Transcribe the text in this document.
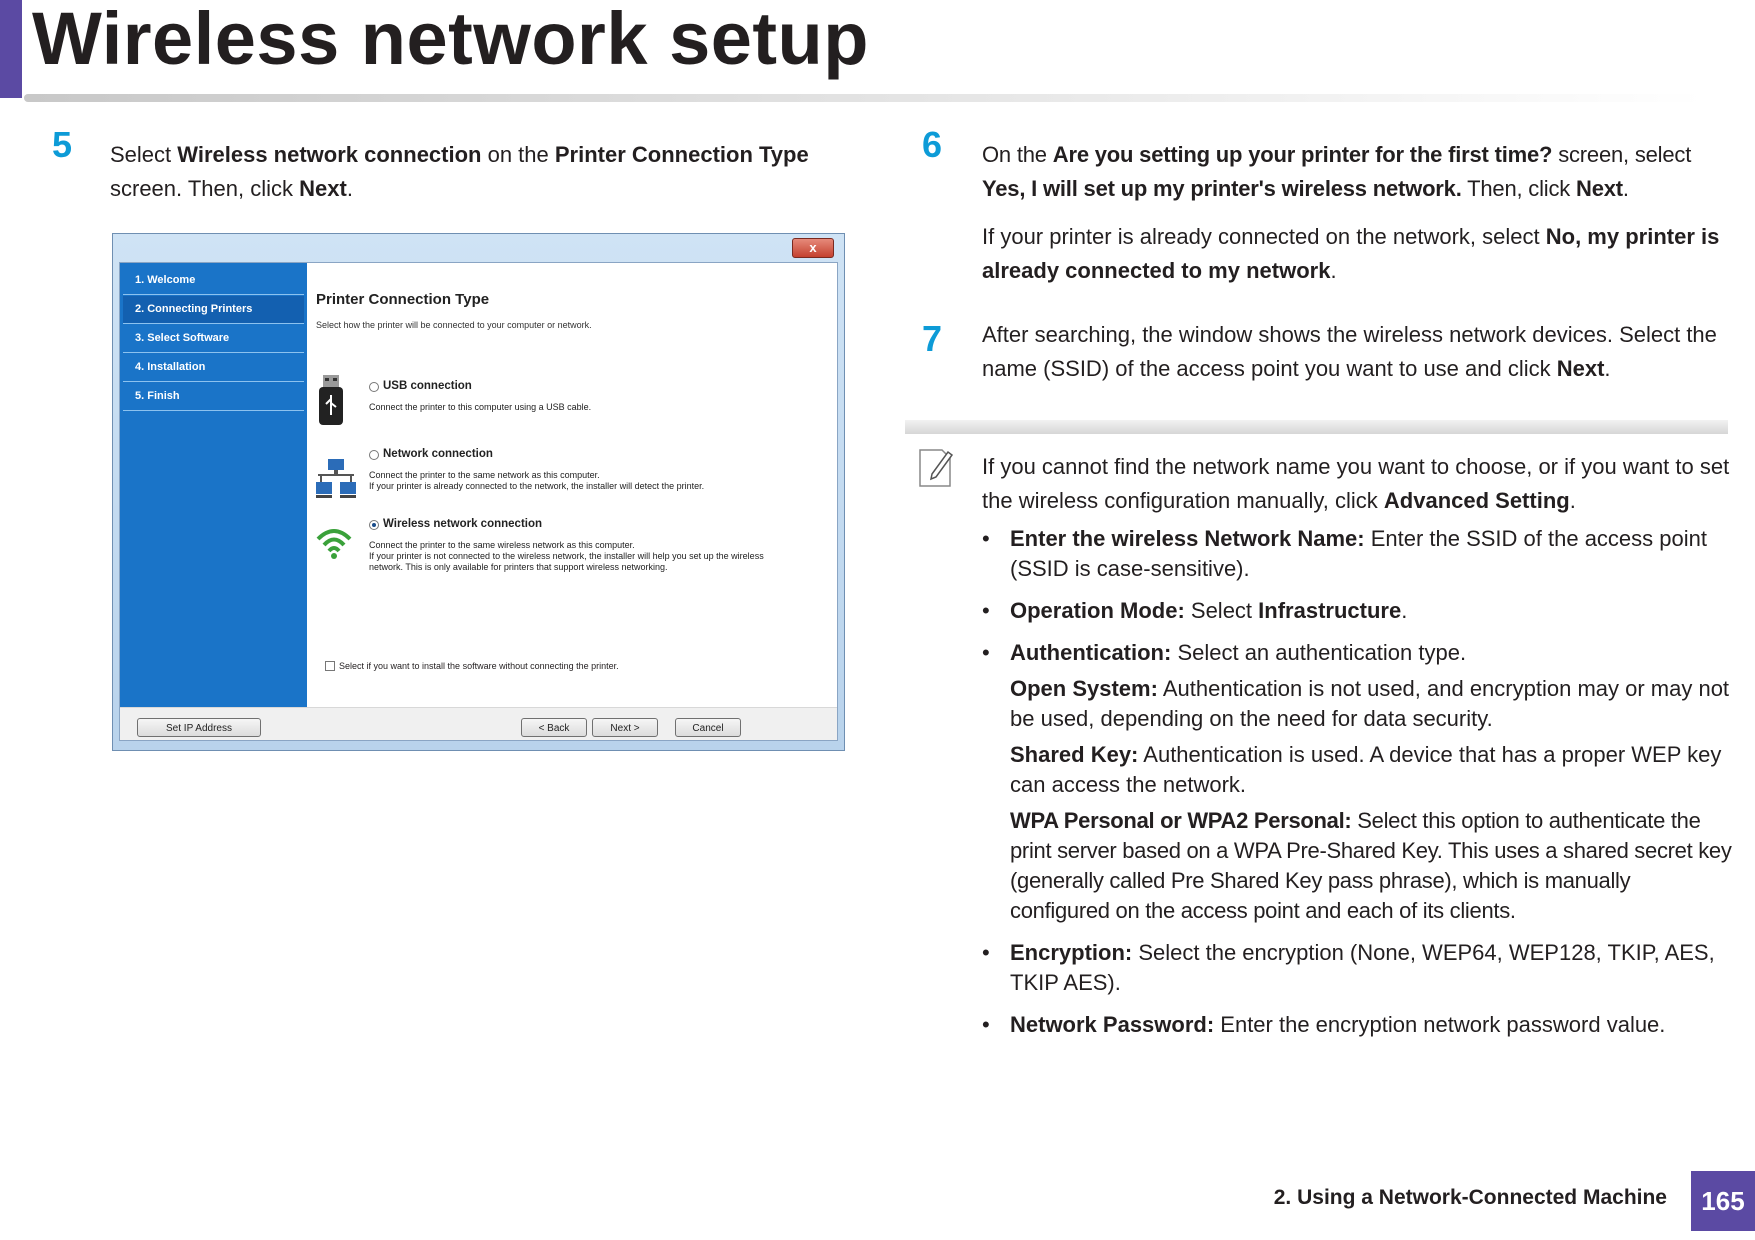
Wireless network setup
5 Select Wireless network connection on the Printer Connection Type screen. Then, click Next.
x
1. Welcome
2. Connecting Printers
3. Select Software
4. Installation
5. Finish
Printer Connection Type
Select how the printer will be connected to your computer or network.
USB connection
Connect the printer to this computer using a USB cable.
Network connection
Connect the printer to the same network as this computer.
If your printer is already connected to the network, the installer will detect the printer.
Wireless network connection
Connect the printer to the same wireless network as this computer.
If your printer is not connected to the wireless network, the installer will help you set up the wireless
network. This is only available for printers that support wireless networking.
Select if you want to install the software without connecting the printer.
Set IP Address	< Back	Next >	Cancel
6 On the Are you setting up your printer for the first time? screen, select Yes, I will set up my printer's wireless network. Then, click Next.
If your printer is already connected on the network, select No, my printer is already connected to my network.
7 After searching, the window shows the wireless network devices. Select the name (SSID) of the access point you want to use and click Next.
If you cannot find the network name you want to choose, or if you want to set the wireless configuration manually, click Advanced Setting.
• Enter the wireless Network Name: Enter the SSID of the access point (SSID is case-sensitive).
• Operation Mode: Select Infrastructure.
• Authentication: Select an authentication type.
Open System: Authentication is not used, and encryption may or may not be used, depending on the need for data security.
Shared Key: Authentication is used. A device that has a proper WEP key can access the network.
WPA Personal or WPA2 Personal: Select this option to authenticate the print server based on a WPA Pre-Shared Key. This uses a shared secret key (generally called Pre Shared Key pass phrase), which is manually configured on the access point and each of its clients.
• Encryption: Select the encryption (None, WEP64, WEP128, TKIP, AES, TKIP AES).
• Network Password: Enter the encryption network password value.
2. Using a Network-Connected Machine	165
